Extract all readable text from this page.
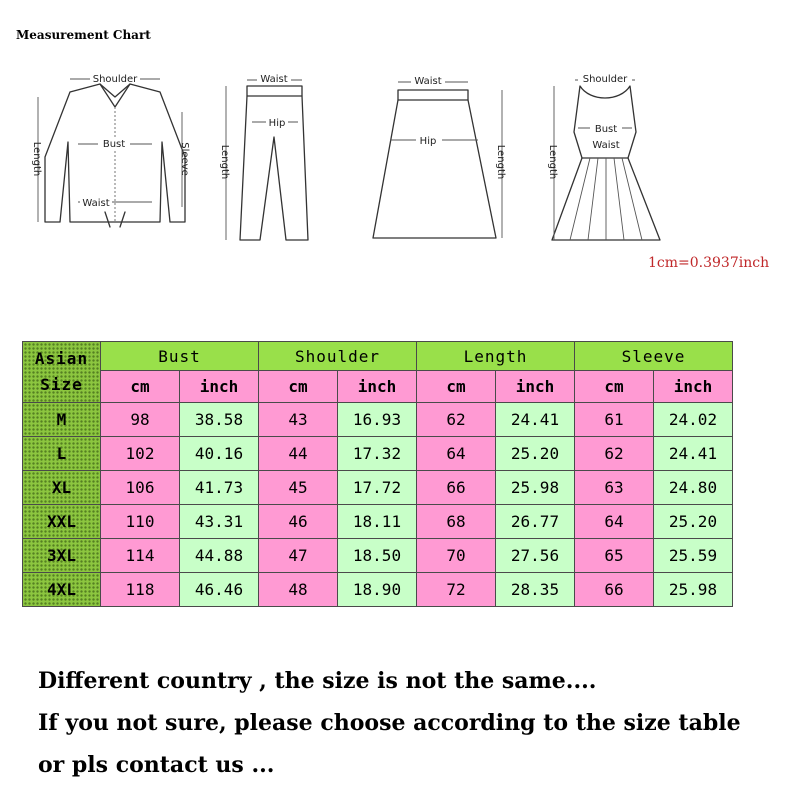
Measurement Chart
Shoulder
Bust
Waist
Length	Sleeve
Waist
Hip
Length
Waist
Hip
Length
Shoulder
Bust
Waist
Length
1cm=0.3937inch
Asian
Size	Bust		Shoulder		Length		Sleeve	
	cm	inch	cm	inch	cm	inch	cm	inch
M	98	38.58	43	16.93	62	24.41	61	24.02
L	102	40.16	44	17.32	64	25.20	62	24.41
XL	106	41.73	45	17.72	66	25.98	63	24.80
XXL	110	43.31	46	18.11	68	26.77	64	25.20
3XL	114	44.88	47	18.50	70	27.56	65	25.59
4XL	118	46.46	48	18.90	72	28.35	66	25.98
Different country , the size is not the same....
If you not sure, please choose according to the size table
or pls contact us ...
